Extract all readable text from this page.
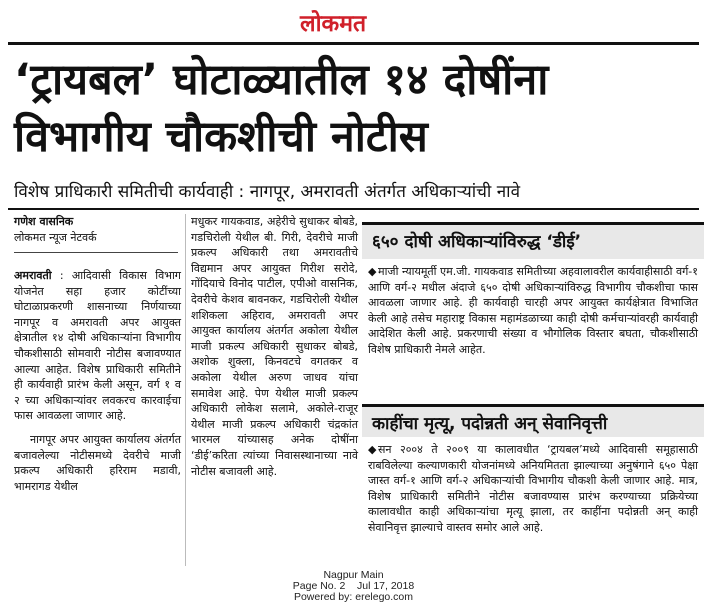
लोकमत
‘ट्रायबल’ घोटाळ्यातील १४ दोषींना
विभागीय चौकशीची नोटीस
विशेष प्राधिकारी समितीची कार्यवाही : नागपूर, अमरावती अंतर्गत अधिकाऱ्यांची नावे
गणेश वासनिक
लोकमत न्यूज नेटवर्क

अमरावती : आदिवासी विकास विभाग योजनेत सहा हजार कोटींच्या घोटाळाप्रकरणी शासनाच्या निर्णयाच्या नागपूर व अमरावती अपर आयुक्त क्षेत्रातील १४ दोषी अधिकाऱ्यांना विभागीय चौकशीसाठी सोमवारी नोटीस बजावण्यात आल्या आहेत. विशेष प्राधिकारी समितीने ही कार्यवाही प्रारंभ केली असून, वर्ग १ व २ च्या अधिकाऱ्यांवर लवकरच कारवाईचा फास आवळला जाणार आहे.

नागपूर अपर आयुक्त कार्यालय अंतर्गत बजावलेल्या नोटीसमध्ये देवरीचे माजी प्रकल्प अधिकारी हरिराम मडावी, भामरागड येथील

मधुकर गायकवाड, अहेरीचे सुधाकर बोबडे, गडचिरोली येथील बी. गिरी, देवरीचे माजी प्रकल्प अधिकारी तथा अमरावतीचे विद्यमान अपर आयुक्त गिरीश सरोदे, गोंदियाचे विनोद पाटील, एपीओ वासनिक, देवरीचे केशव बावनकर, गडचिरोली येथील शशिकला अहिराव, अमरावती अपर आयुक्त कार्यालय अंतर्गत अकोला येथील माजी प्रकल्प अधिकारी सुधाकर बोबडे, अशोक शुक्ला, किनवटचे वगतकर व अकोला येथील अरुण जाधव यांचा समावेश आहे. पेण येथील माजी प्रकल्प अधिकारी लोकेश सलामे, अकोले-राजूर येथील माजी प्रकल्प अधिकारी चंद्रकांत भारमल यांच्यासह अनेक दोषींना ‘डीई’करिता त्यांच्या निवासस्थानाच्या नावे नोटीस बजावली आहे.

६५० दोषी अधिकाऱ्यांविरुद्ध ‘डीई’

◆ माजी न्यायमूर्ती एम.जी. गायकवाड समितीच्या अहवालावरील कार्यवाहीसाठी वर्ग-१ आणि वर्ग-२ मधील अंदाजे ६५० दोषी अधिकाऱ्यांविरुद्ध विभागीय चौकशीचा फास आवळला जाणार आहे. ही कार्यवाही चारही अपर आयुक्त कार्यक्षेत्रात विभाजित केली आहे तसेच महाराष्ट्र विकास महामंडळाच्या काही दोषी कर्मचाऱ्यांवरही कार्यवाही आदेशित केली आहे. प्रकरणाची संख्या व भौगोलिक विस्तार बघता, चौकशीसाठी विशेष प्राधिकारी नेमले आहेत.

काहींचा मृत्यू, पदोन्नती अन् सेवानिवृत्ती

◆ सन २००४ ते २००९ या कालावधीत ‘ट्रायबल’मध्ये आदिवासी समूहासाठी राबविलेल्या कल्याणकारी योजनांमध्ये अनियमितता झाल्याच्या अनुषंगाने ६५० पेक्षा जास्त वर्ग-१ आणि वर्ग-२ अधिकाऱ्यांची विभागीय चौकशी केली जाणार आहे. मात्र, विशेष प्राधिकारी समितीने नोटीस बजावण्यास प्रारंभ करण्याच्या प्रक्रियेच्या कालावधीत काही अधिकाऱ्यांचा मृत्यू झाला, तर काहींना पदोन्नती अन् काही सेवानिवृत्त झाल्याचे वास्तव समोर आले आहे.

Nagpur Main
Page No. 2    Jul 17, 2018
Powered by: erelego.com
